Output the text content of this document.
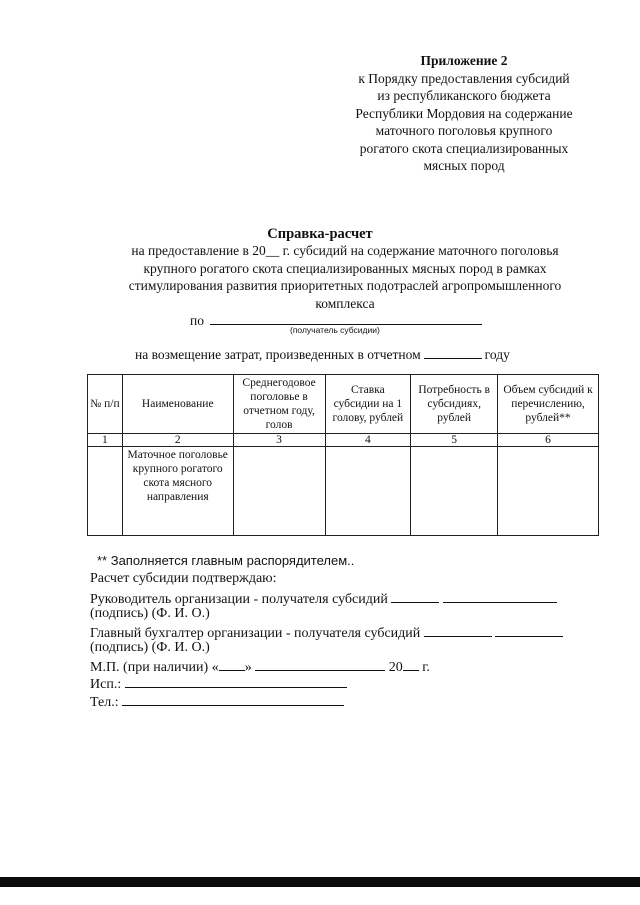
Приложение 2
к Порядку предоставления субсидий
из республиканского бюджета
Республики Мордовия на содержание
маточного поголовья крупного
рогатого скота специализированных
мясных пород
Справка-расчет
на предоставление в 20__ г. субсидий на содержание маточного поголовья
крупного рогатого скота специализированных мясных пород в рамках
стимулирования развития приоритетных подотраслей агропромышленного
комплекса
по
(получатель субсидии)
на возмещение затрат, произведенных в отчетном	году
№ п/п	Наименование	Среднегодовое поголовье в отчетном году, голов	Ставка субсидии на 1 голову, рублей	Потребность в субсидиях, рублей	Объем субсидий к перечислению, рублей**
1	2	3	4	5	6
	Маточное поголовье крупного рогатого скота мясного направления				
** Заполняется главным распорядителем..
Расчет субсидии подтверждаю:
Руководитель организации - получателя субсидий
(подпись) (Ф. И. О.)
Главный бухгалтер организации - получателя субсидий
(подпись) (Ф. И. О.)
М.П. (при наличии) « »	20 г.
Исп.:
Тел.:
